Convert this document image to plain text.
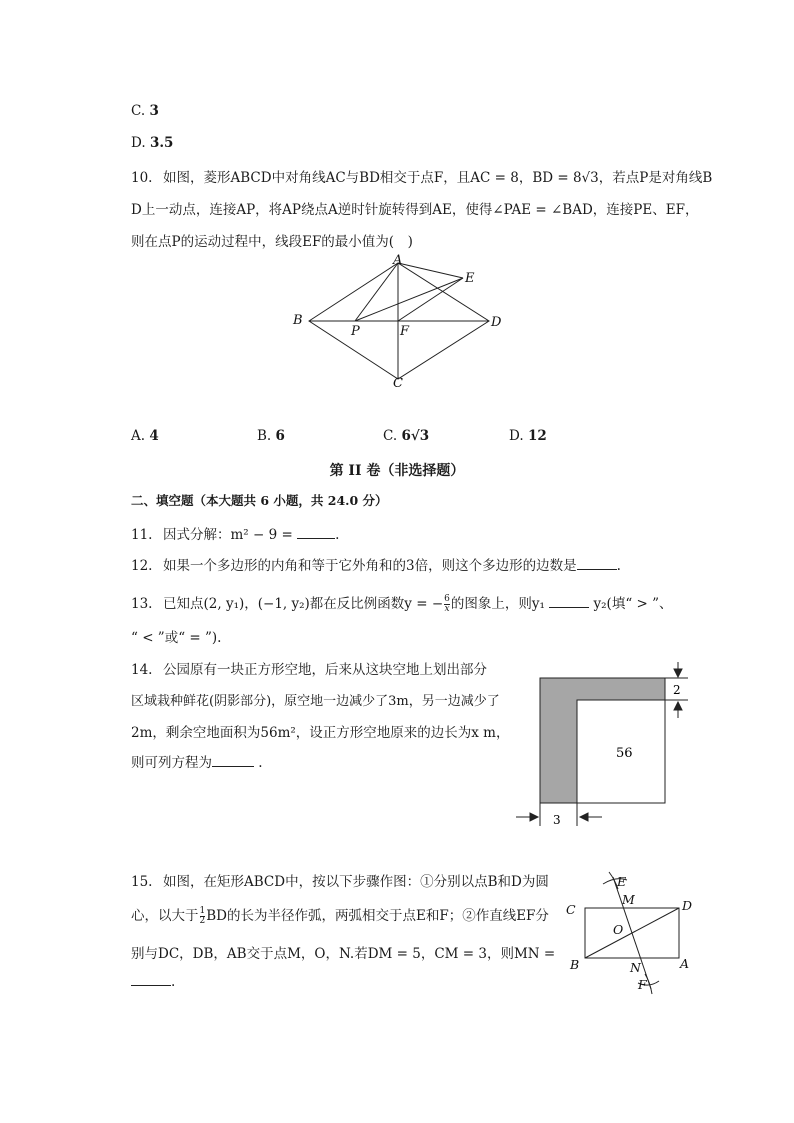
C. 3
D. 3.5
10. 如图，菱形ABCD中对角线AC与BD相交于点F，且AC = 8，BD = 8√3，若点P是对角线B
D上一动点，连接AP，将AP绕点A逆时针旋转得到AE，使得∠PAE = ∠BAD，连接PE、EF，
则在点P的运动过程中，线段EF的最小值为(　)
A
B
C
D
E
F
P
A. 4	B. 6	C. 6√3	D. 12
第 II 卷（非选择题）
二、填空题（本大题共 6 小题，共 24.0 分）
11. 因式分解：m² − 9 =	.
12. 如果一个多边形的内角和等于它外角和的3倍，则这个多边形的边数是	.
13. 已知点(2, y₁)，(−1, y₂)都在反比例函数y = − $\frac{6}{x}$ 的图象上，则y₁	y₂(填“ > ”、
“ < ”或“ = ”).
14. 公园原有一块正方形空地，后来从这块空地上划出部分
区域栽种鲜花(阴影部分)，原空地一边减少了3m，另一边减少了
2m，剩余空地面积为56m²，设正方形空地原来的边长为x m，
则可列方程为	.
56
2
3
15. 如图，在矩形ABCD中，按以下步骤作图：①分别以点B和D为圆
心，以大于 $\frac{1}{2}$ BD的长为半径作弧，两弧相交于点E和F；②作直线EF分
别与DC，DB，AB交于点M，O，N.若DM = 5，CM = 3，则MN =
.
C	D
B	A
E
F
M
N
O
